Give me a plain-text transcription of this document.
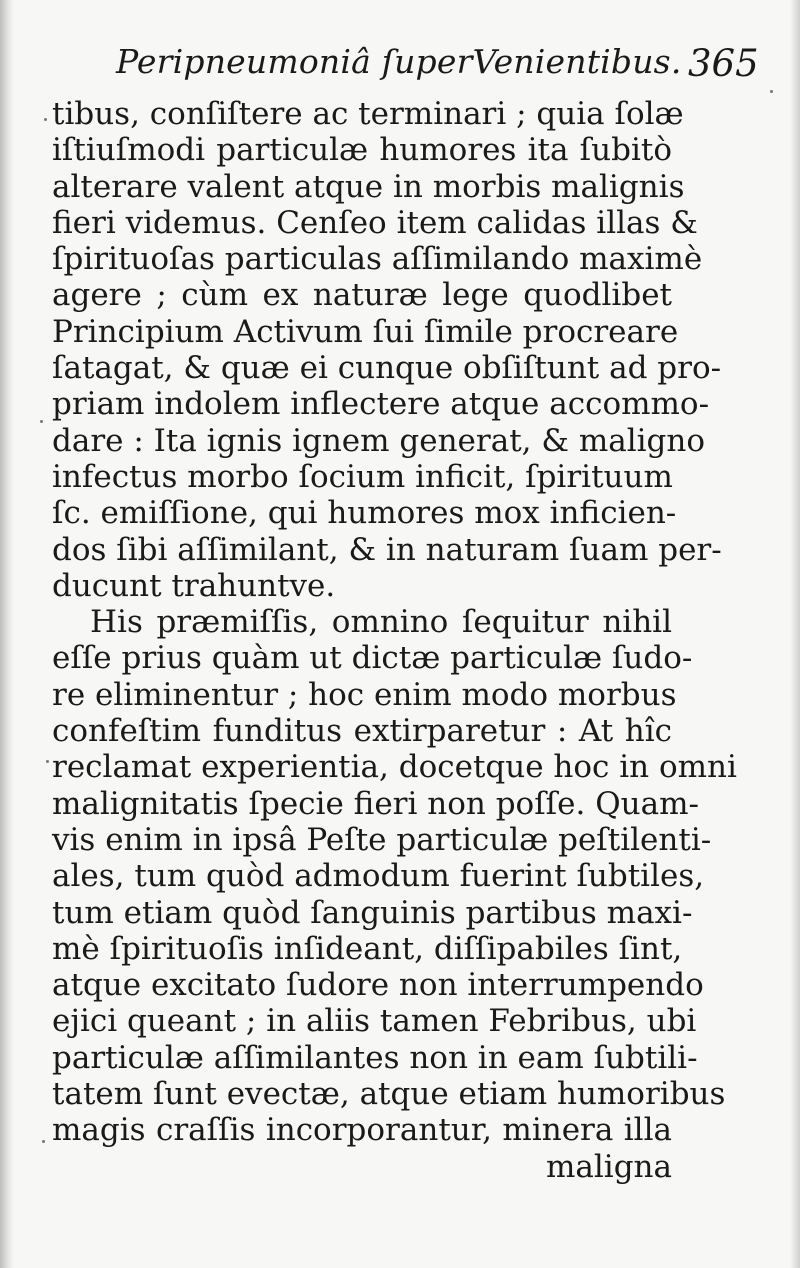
Peripneumoniâ ſuperVenientibus. 365
tibus, conſiſtere ac terminari ; quia ſolæ
iſtiuſmodi particulæ humores ita ſubitò
alterare valent atque in morbis malignis
fieri videmus. Cenſeo item calidas illas &
ſpirituoſas particulas aſſimilando maximè
agere ; cùm ex naturæ lege quodlibet
Principium Activum ſui ſimile procreare
ſatagat, & quæ ei cunque obſiſtunt ad pro-
priam indolem inflectere atque accommo-
dare : Ita ignis ignem generat, & maligno
infectus morbo ſocium inficit, ſpirituum
ſc. emiſſione, qui humores mox inficien-
dos ſibi aſſimilant, & in naturam ſuam per-
ducunt trahuntve.
His præmiſſis, omnino ſequitur nihil
eſſe prius quàm ut dictæ particulæ ſudo-
re eliminentur ; hoc enim modo morbus
confeſtim funditus extirparetur : At hîc
reclamat experientia, docetque hoc in omni
malignitatis ſpecie fieri non poſſe. Quam-
vis enim in ipsâ Peſte particulæ peſtilenti-
ales, tum quòd admodum fuerint ſubtiles,
tum etiam quòd ſanguinis partibus maxi-
mè ſpirituoſis inſideant, diſſipabiles ſint,
atque excitato ſudore non interrumpendo
ejici queant ; in aliis tamen Febribus, ubi
particulæ aſſimilantes non in eam ſubtili-
tatem ſunt evectæ, atque etiam humoribus
magis craſſis incorporantur, minera illa
maligna
